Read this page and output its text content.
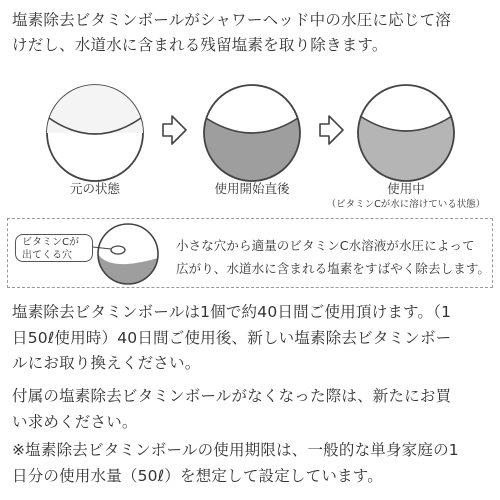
塩素除去ビタミンボールがシャワーヘッド中の水圧に応じて溶
けだし、水道水に含まれる残留塩素を取り除きます。

元の状態	使用開始直後	使用中

（ビタミンCが水に溶けている状態）

ビタミンCが
出てくる穴

小さな穴から適量のビタミンC水溶液が水圧によって
広がり、水道水に含まれる塩素をすばやく除去します。

塩素除去ビタミンボールは1個で約40日間ご使用頂けます。（1
日50ℓ使用時）40日間ご使用後、新しい塩素除去ビタミンボー
ルにお取り換えください。

付属の塩素除去ビタミンボールがなくなった際は、新たにお買
い求めください。

※塩素除去ビタミンボールの使用期限は、一般的な単身家庭の1
日分の使用水量（50ℓ）を想定して設定しています。
